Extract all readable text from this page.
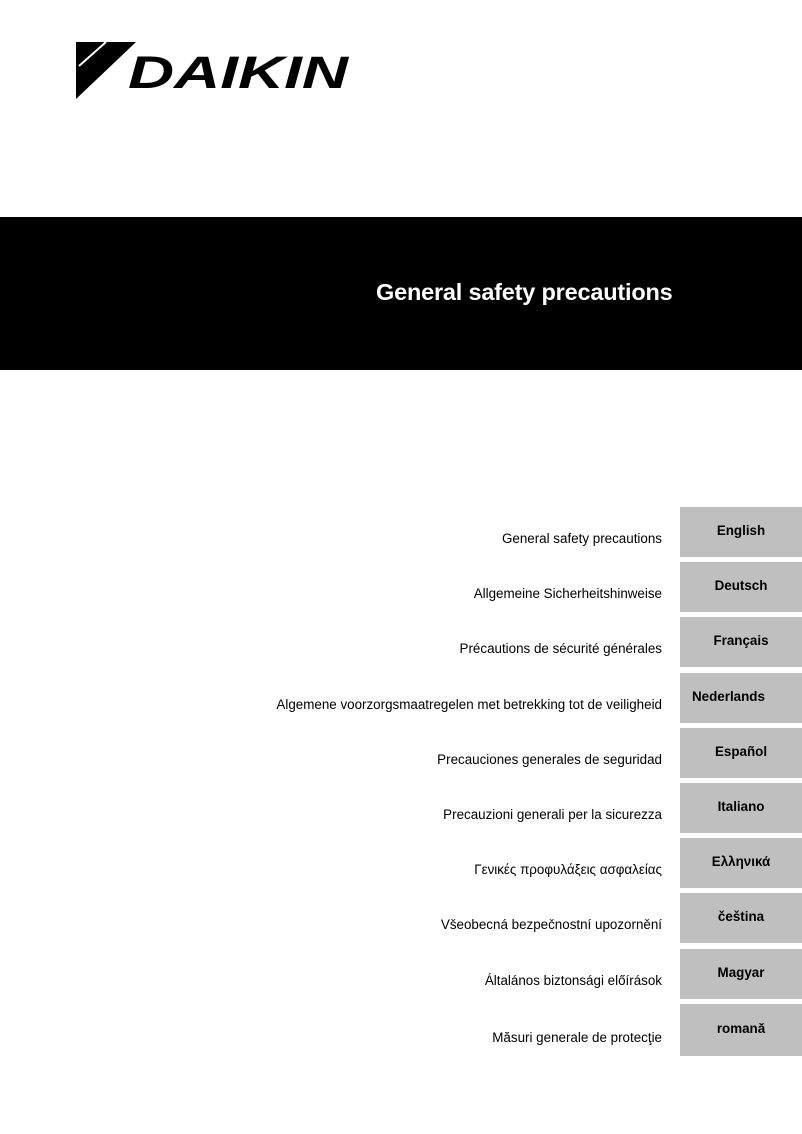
DAIKIN
General safety precautions
General safety precautions
English
Allgemeine Sicherheitshinweise
Deutsch
Précautions de sécurité générales
Français
Algemene voorzorgsmaatregelen met betrekking tot de veiligheid
Nederlands
Precauciones generales de seguridad
Español
Precauzioni generali per la sicurezza
Italiano
Γενικές προφυλάξεις ασφαλείας
Ελληνικά
Všeobecná bezpečnostní upozornění
čeština
Általános biztonsági előírások
Magyar
Măsuri generale de protecţie
romană
